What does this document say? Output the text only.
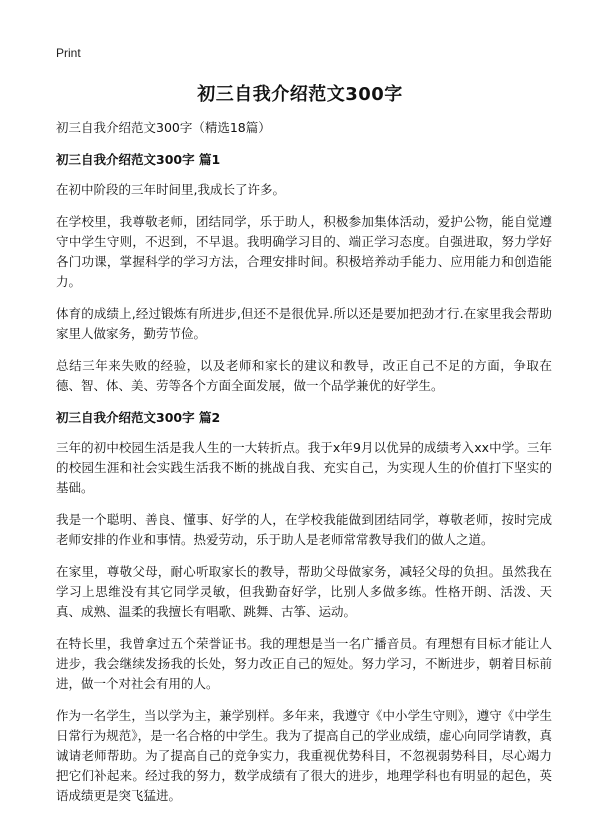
Print
初三自我介绍范文300字
初三自我介绍范文300字（精选18篇）
初三自我介绍范文300字 篇1

在初中阶段的三年时间里,我成长了许多。

在学校里，我尊敬老师，团结同学，乐于助人，积极参加集体活动，爱护公物，能自觉遵守中学生守则，不迟到，不早退。我明确学习目的、端正学习态度。自强进取，努力学好各门功课，掌握科学的学习方法，合理安排时间。积极培养动手能力、应用能力和创造能力。

体育的成绩上,经过锻炼有所进步,但还不是很优异.所以还是要加把劲才行.在家里我会帮助家里人做家务，勤劳节俭。

总结三年来失败的经验，以及老师和家长的建议和教导，改正自己不足的方面，争取在德、智、体、美、劳等各个方面全面发展，做一个品学兼优的好学生。

初三自我介绍范文300字 篇2

三年的初中校园生活是我人生的一大转折点。我于x年9月以优异的成绩考入xx中学。三年的校园生涯和社会实践生活我不断的挑战自我、充实自己，为实现人生的价值打下坚实的基础。

我是一个聪明、善良、懂事、好学的人，在学校我能做到团结同学，尊敬老师，按时完成老师安排的作业和事情。热爱劳动，乐于助人是老师常常教导我们的做人之道。

在家里，尊敬父母，耐心听取家长的教导，帮助父母做家务，减轻父母的负担。虽然我在学习上思维没有其它同学灵敏，但我勤奋好学，比别人多做多练。性格开朗、活泼、天真、成熟、温柔的我擅长有唱歌、跳舞、古筝、运动。

在特长里，我曾拿过五个荣誉证书。我的理想是当一名广播音员。有理想有目标才能让人进步，我会继续发扬我的长处，努力改正自己的短处。努力学习，不断进步，朝着目标前进，做一个对社会有用的人。

作为一名学生，当以学为主，兼学别样。多年来，我遵守《中小学生守则》，遵守《中学生日常行为规范》，是一名合格的中学生。我为了提高自己的学业成绩，虚心向同学请教，真诚请老师帮助。为了提高自己的竞争实力，我重视优势科目，不忽视弱势科目，尽心竭力把它们补起来。经过我的努力，数学成绩有了很大的进步，地理学科也有明显的起色，英语成绩更是突飞猛进。
